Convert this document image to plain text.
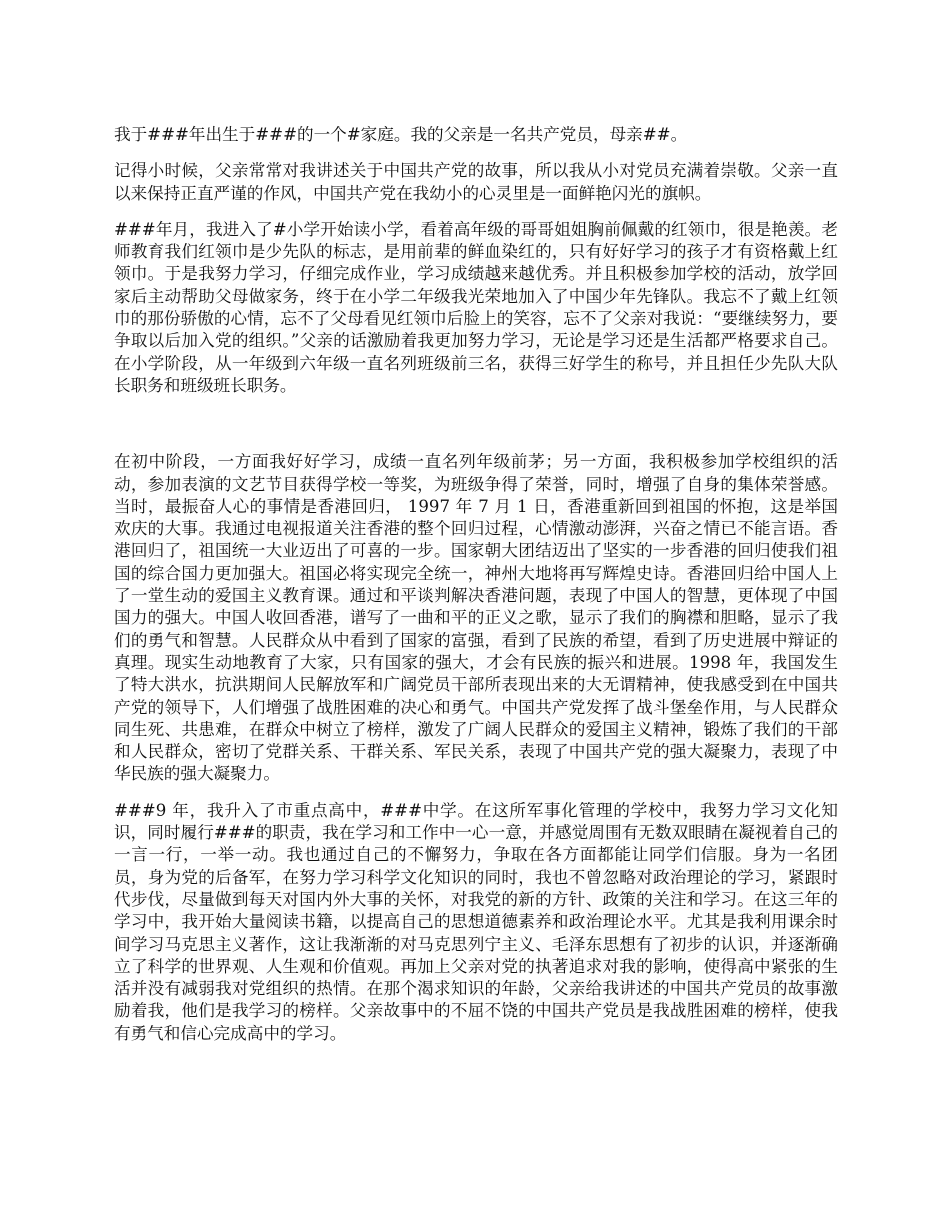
我于###年出生于###的一个#家庭。我的父亲是一名共产党员，母亲##。

记得小时候，父亲常常对我讲述关于中国共产党的故事，所以我从小对党员充满着崇敬。父亲一直以来保持正直严谨的作风，中国共产党在我幼小的心灵里是一面鲜艳闪光的旗帜。

###年月，我进入了#小学开始读小学，看着高年级的哥哥姐姐胸前佩戴的红领巾，很是艳羡。老师教育我们红领巾是少先队的标志，是用前辈的鲜血染红的，只有好好学习的孩子才有资格戴上红领巾。于是我努力学习，仔细完成作业，学习成绩越来越优秀。并且积极参加学校的活动，放学回家后主动帮助父母做家务，终于在小学二年级我光荣地加入了中国少年先锋队。我忘不了戴上红领巾的那份骄傲的心情，忘不了父母看见红领巾后脸上的笑容，忘不了父亲对我说：“要继续努力，要争取以后加入党的组织。”父亲的话激励着我更加努力学习，无论是学习还是生活都严格要求自己。在小学阶段，从一年级到六年级一直名列班级前三名，获得三好学生的称号，并且担任少先队大队长职务和班级班长职务。

在初中阶段，一方面我好好学习，成绩一直名列年级前茅；另一方面，我积极参加学校组织的活动，参加表演的文艺节目获得学校一等奖，为班级争得了荣誉，同时，增强了自身的集体荣誉感。当时，最振奋人心的事情是香港回归， 1997 年 7 月 1 日，香港重新回到祖国的怀抱，这是举国欢庆的大事。我通过电视报道关注香港的整个回归过程，心情激动澎湃，兴奋之情已不能言语。香港回归了，祖国统一大业迈出了可喜的一步。国家朝大团结迈出了坚实的一步香港的回归使我们祖国的综合国力更加强大。祖国必将实现完全统一，神州大地将再写辉煌史诗。香港回归给中国人上了一堂生动的爱国主义教育课。通过和平谈判解决香港问题，表现了中国人的智慧，更体现了中国国力的强大。中国人收回香港，谱写了一曲和平的正义之歌，显示了我们的胸襟和胆略，显示了我们的勇气和智慧。人民群众从中看到了国家的富强，看到了民族的希望，看到了历史进展中辩证的真理。现实生动地教育了大家，只有国家的强大，才会有民族的振兴和进展。1998 年，我国发生了特大洪水，抗洪期间人民解放军和广阔党员干部所表现出来的大无谓精神，使我感受到在中国共产党的领导下，人们增强了战胜困难的决心和勇气。中国共产党发挥了战斗堡垒作用，与人民群众同生死、共患难，在群众中树立了榜样，激发了广阔人民群众的爱国主义精神，锻炼了我们的干部和人民群众，密切了党群关系、干群关系、军民关系，表现了中国共产党的强大凝聚力，表现了中华民族的强大凝聚力。

###9 年，我升入了市重点高中，###中学。在这所军事化管理的学校中，我努力学习文化知识，同时履行###的职责，我在学习和工作中一心一意，并感觉周围有无数双眼睛在凝视着自己的一言一行，一举一动。我也通过自己的不懈努力，争取在各方面都能让同学们信服。身为一名团员，身为党的后备军，在努力学习科学文化知识的同时，我也不曾忽略对政治理论的学习，紧跟时代步伐，尽量做到每天对国内外大事的关怀，对我党的新的方针、政策的关注和学习。在这三年的学习中，我开始大量阅读书籍，以提高自己的思想道德素养和政治理论水平。尤其是我利用课余时间学习马克思主义著作，这让我渐渐的对马克思列宁主义、毛泽东思想有了初步的认识，并逐渐确立了科学的世界观、人生观和价值观。再加上父亲对党的执著追求对我的影响，使得高中紧张的生活并没有减弱我对党组织的热情。在那个渴求知识的年龄，父亲给我讲述的中国共产党员的故事激励着我，他们是我学习的榜样。父亲故事中的不屈不饶的中国共产党员是我战胜困难的榜样，使我有勇气和信心完成高中的学习。
